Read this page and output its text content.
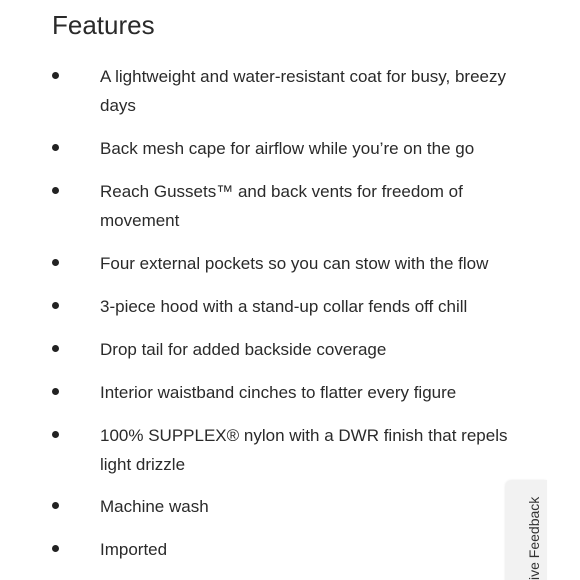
Features
A lightweight and water-resistant coat for busy, breezy days
Back mesh cape for airflow while you’re on the go
Reach Gussets™ and back vents for freedom of movement
Four external pockets so you can stow with the flow
3-piece hood with a stand-up collar fends off chill
Drop tail for added backside coverage
Interior waistband cinches to flatter every figure
100% SUPPLEX® nylon with a DWR finish that repels light drizzle
Machine wash
Imported	ive Feedback
